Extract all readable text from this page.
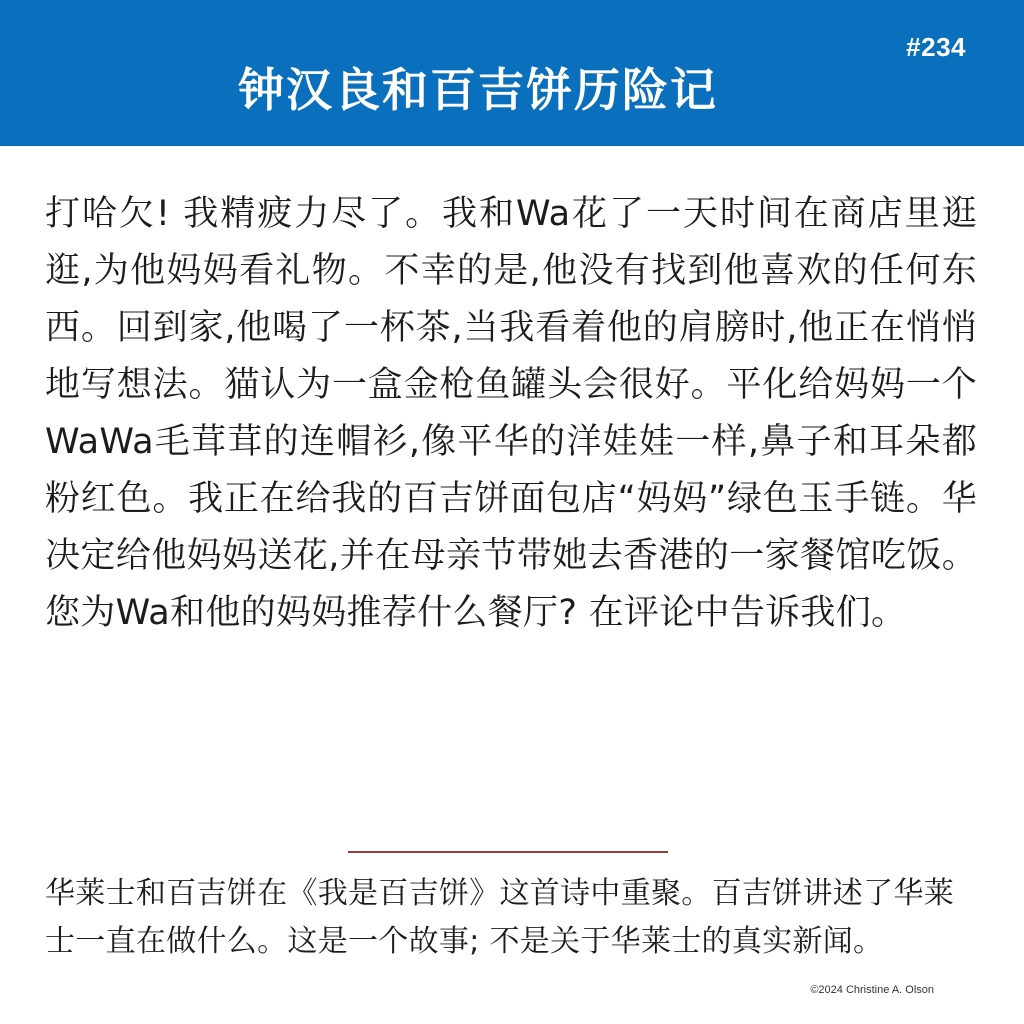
#234
钟汉良和百吉饼历险记

打哈欠! 我精疲力尽了。我和Wa花了一天时间在商店里逛逛,为他妈妈看礼物。不幸的是,他没有找到他喜欢的任何东西。回到家,他喝了一杯茶,当我看着他的肩膀时,他正在悄悄地写想法。猫认为一盒金枪鱼罐头会很好。平化给妈妈一个WaWa毛茸茸的连帽衫,像平华的洋娃娃一样,鼻子和耳朵都粉红色。我正在给我的百吉饼面包店“妈妈”绿色玉手链。华决定给他妈妈送花,并在母亲节带她去香港的一家餐馆吃饭。您为Wa和他的妈妈推荐什么餐厅? 在评论中告诉我们。

华莱士和百吉饼在《我是百吉饼》这首诗中重聚。百吉饼讲述了华莱士一直在做什么。这是一个故事; 不是关于华莱士的真实新闻。

©2024 Christine A. Olson
